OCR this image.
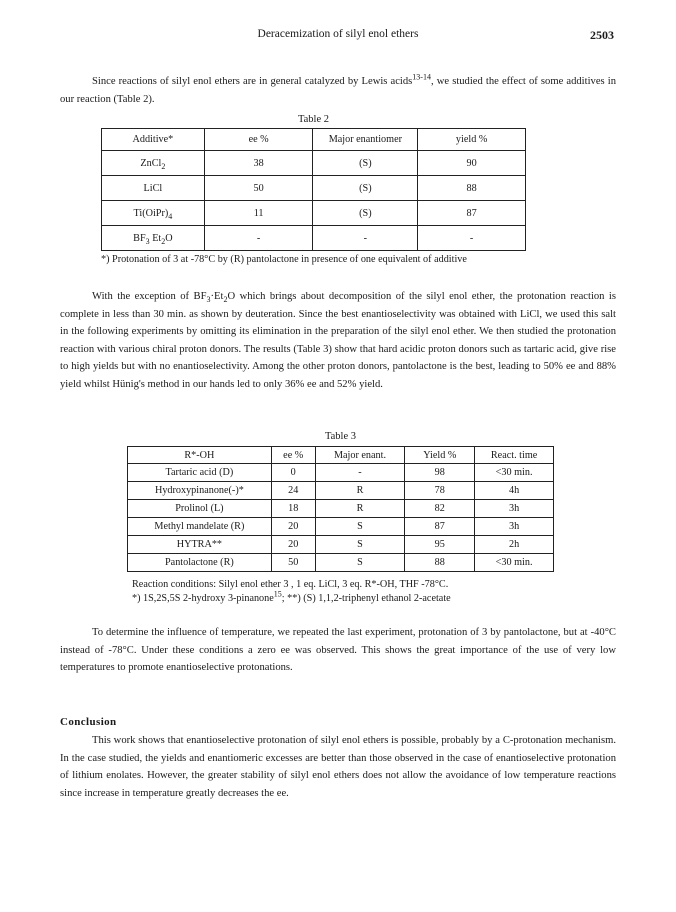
Deracemization of silyl enol ethers	2503

Since reactions of silyl enol ethers are in general catalyzed by Lewis acids$^{13-14}$, we studied the effect of some additives in our reaction (Table 2).

Table 2
Additive*	ee %	Major enantiomer	yield %
ZnCl$_2$	38	(S)	90
LiCl	50	(S)	88
$Ti(OiPr)_4$	11	(S)	87
$BF_3$ $Et_2O$	-	-	-
*) Protonation of 3 at -78°C by (R) pantolactone in presence of one equivalent of additive

With the exception of $BF_3\cdot Et_2O$ which brings about decomposition of the silyl enol ether, the protonation reaction is complete in less than 30 min. as shown by deuteration. Since the best enantioselectivity was obtained with LiCl, we used this salt in the following experiments by omitting its elimination in the preparation of the silyl enol ether. We then studied the protonation reaction with various chiral proton donors. The results (Table 3) show that hard acidic proton donors such as tartaric acid, give rise to high yields but with no enantioselectivity. Among the other proton donors, pantolactone is the best, leading to 50% ee and 88% yield whilst Hünig's method in our hands led to only 36% ee and 52% yield.

Table 3
R*-OH	ee %	Major enant.	Yield %	React. time
Tartaric acid (D)	0	-	98	<30 min.
Hydroxypinanone(-)*	24	R	78	4h
Prolinol (L)	18	R	82	3h
Methyl mandelate (R)	20	S	87	3h
HYTRA**	20	S	95	2h
Pantolactone (R)	50	S	88	<30 min.
Reaction conditions: Silyl enol ether 3 , 1 eq. LiCl, 3 eq. R*-OH, THF -78°C.
*) 1S,2S,5S 2-hydroxy 3-pinanone$^{15}$; **) (S) 1,1,2-triphenyl ethanol 2-acetate

To determine the influence of temperature, we repeated the last experiment, protonation of 3 by pantolactone, but at -40°C instead of -78°C. Under these conditions a zero ee was observed. This shows the great importance of the use of very low temperatures to promote enantioselective protonations.

Conclusion

This work shows that enantioselective protonation of silyl enol ethers is possible, probably by a C-protonation mechanism. In the case studied, the yields and enantiomeric excesses are better than those observed in the case of enantioselective protonation of lithium enolates. However, the greater stability of silyl enol ethers does not allow the avoidance of low temperature reactions since increase in temperature greatly decreases the ee.
